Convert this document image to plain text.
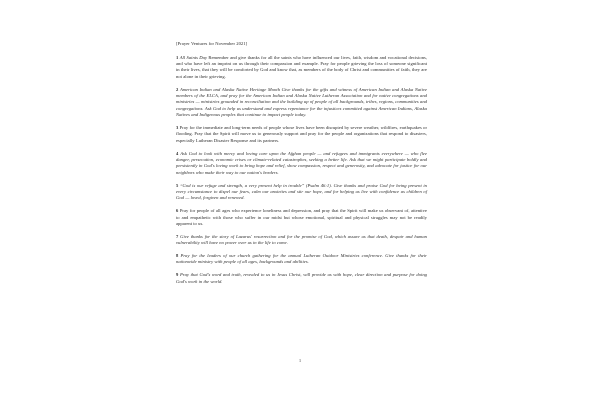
[Prayer Ventures for November 2021]
1 All Saints Day Remember and give thanks for all the saints who have influenced our lives, faith, wisdom and vocational decisions, and who have left an imprint on us through their compassion and example. Pray for people grieving the loss of someone significant in their lives, that they will be comforted by God and know that, as members of the body of Christ and communities of faith, they are not alone in their grieving.
2 American Indian and Alaska Native Heritage Month Give thanks for the gifts and witness of American Indian and Alaska Native members of the ELCA, and pray for the American Indian and Alaska Native Lutheran Association and for native congregations and ministries — ministries grounded in reconciliation and the building up of people of all backgrounds, tribes, regions, communities and congregations. Ask God to help us understand and express repentance for the injustices committed against American Indians, Alaska Natives and Indigenous peoples that continue to impact people today.
3 Pray for the immediate and long-term needs of people whose lives have been disrupted by severe weather, wildfires, earthquakes or flooding. Pray that the Spirit will move us to generously support and pray for the people and organizations that respond to disasters, especially Lutheran Disaster Response and its partners.
4 Ask God to look with mercy and loving care upon the Afghan people — and refugees and immigrants everywhere — who flee danger, persecution, economic crises or climate-related catastrophes, seeking a better life. Ask that we might participate boldly and persistently in God's loving work to bring hope and relief, show compassion, respect and generosity, and advocate for justice for our neighbors who make their way to our nation's borders.
5 “God is our refuge and strength, a very present help in trouble” (Psalm 46:1). Give thanks and praise God for being present in every circumstance to dispel our fears, calm our anxieties and stir our hope, and for helping us live with confidence as children of God — loved, forgiven and renewed.
6 Pray for people of all ages who experience loneliness and depression, and pray that the Spirit will make us observant of, attentive to and empathetic with those who suffer in our midst but whose emotional, spiritual and physical struggles may not be readily apparent to us.
7 Give thanks for the story of Lazarus' resurrection and for the promise of God, which assure us that death, despair and human vulnerability will have no power over us in the life to come.
8 Pray for the leaders of our church gathering for the annual Lutheran Outdoor Ministries conference. Give thanks for their nationwide ministry with people of all ages, backgrounds and abilities.
9 Pray that God's word and truth, revealed to us in Jesus Christ, will provide us with hope, clear direction and purpose for doing God's work in the world.
1
